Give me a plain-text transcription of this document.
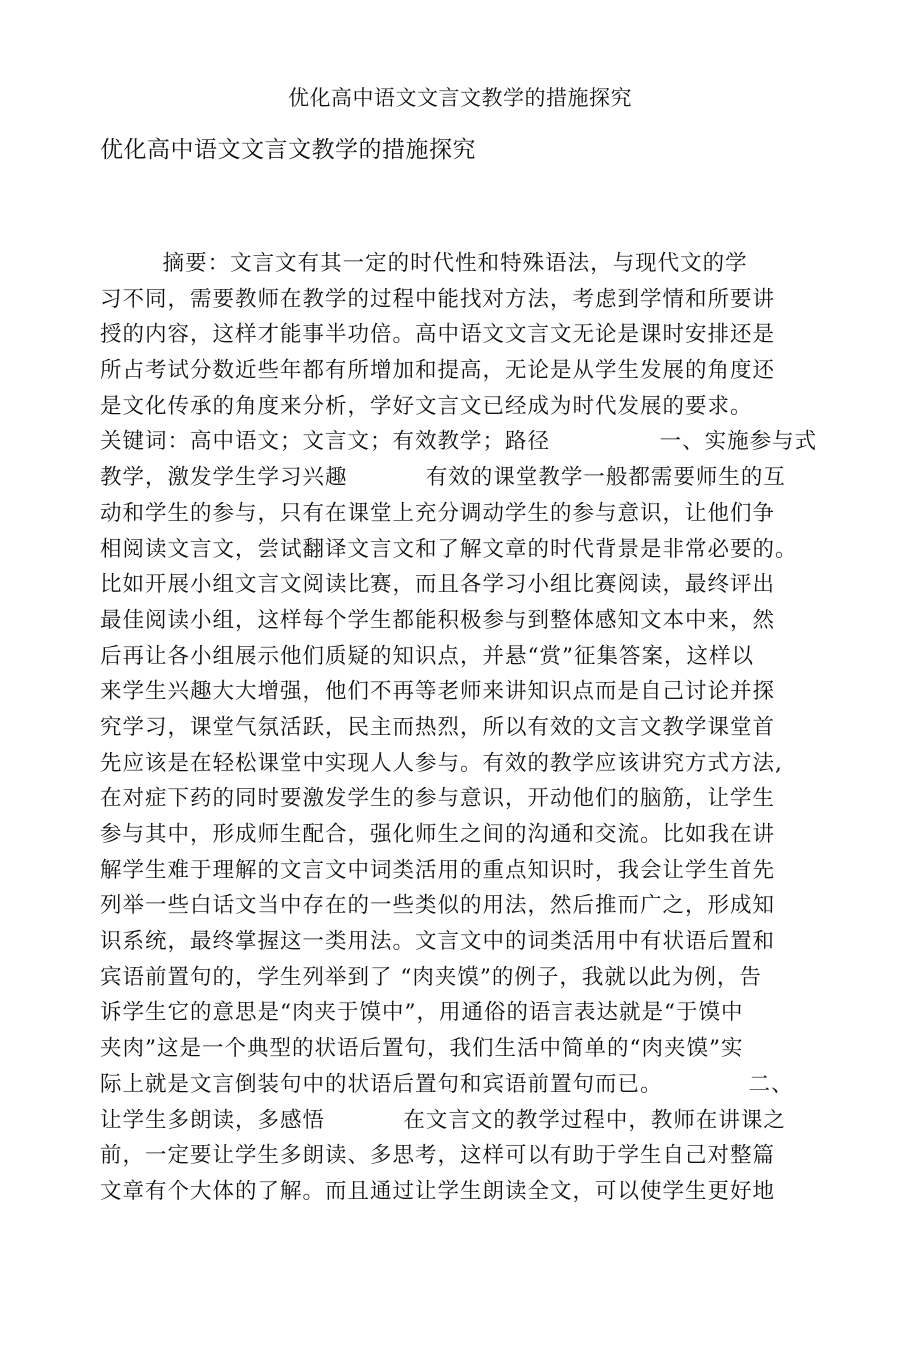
优化高中语文文言文教学的措施探究
优化高中语文文言文教学的措施探究
摘要：文言文有其一定的时代性和特殊语法，与现代文的学
习不同，需要教师在教学的过程中能找对方法，考虑到学情和所要讲
授的内容，这样才能事半功倍。高中语文文言文无论是课时安排还是
所占考试分数近些年都有所增加和提高，无论是从学生发展的角度还
是文化传承的角度来分析，学好文言文已经成为时代发展的要求。
关键词：高中语文；文言文；有效教学；路径              一、实施参与式
教学，激发学生学习兴趣          有效的课堂教学一般都需要师生的互
动和学生的参与，只有在课堂上充分调动学生的参与意识，让他们争
相阅读文言文，尝试翻译文言文和了解文章的时代背景是非常必要的。
比如开展小组文言文阅读比赛，而且各学习小组比赛阅读，最终评出
最佳阅读小组，这样每个学生都能积极参与到整体感知文本中来，然
后再让各小组展示他们质疑的知识点，并悬“赏”征集答案，这样以
来学生兴趣大大增强，他们不再等老师来讲知识点而是自己讨论并探
究学习，课堂气氛活跃，民主而热烈，所以有效的文言文教学课堂首
先应该是在轻松课堂中实现人人参与。有效的教学应该讲究方式方法,
在对症下药的同时要激发学生的参与意识，开动他们的脑筋，让学生
参与其中，形成师生配合，强化师生之间的沟通和交流。比如我在讲
解学生难于理解的文言文中词类活用的重点知识时，我会让学生首先
列举一些白话文当中存在的一些类似的用法，然后推而广之，形成知
识系统，最终掌握这一类用法。文言文中的词类活用中有状语后置和
宾语前置句的，学生列举到了 “肉夹馍”的例子，我就以此为例，告
诉学生它的意思是“肉夹于馍中”，用通俗的语言表达就是“于馍中
夹肉”这是一个典型的状语后置句，我们生活中简单的“肉夹馍”实
际上就是文言倒装句中的状语后置句和宾语前置句而已。           二、
让学生多朗读，多感悟          在文言文的教学过程中，教师在讲课之
前，一定要让学生多朗读、多思考，这样可以有助于学生自己对整篇
文章有个大体的了解。而且通过让学生朗读全文，可以使学生更好地
